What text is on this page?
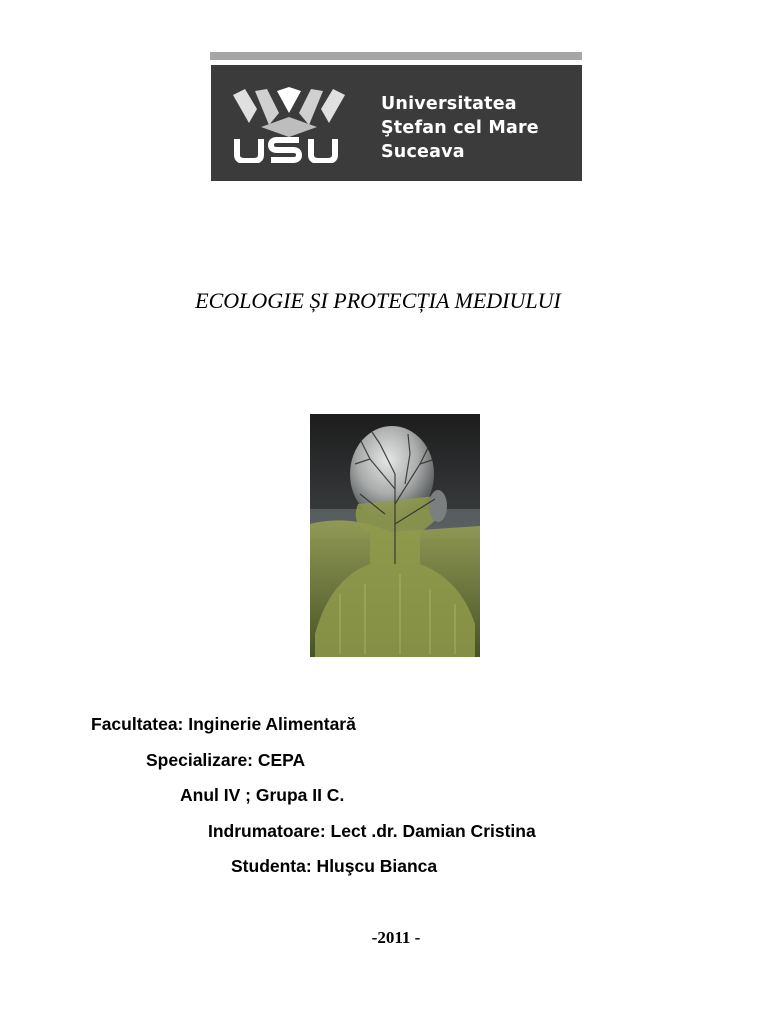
Universitatea
Ştefan cel Mare
Suceava
ECOLOGIE ȘI PROTECȚIA MEDIULUI
Facultatea: Inginerie Alimentară
Specializare: CEPA
Anul IV ; Grupa II C.
Indrumatoare: Lect .dr. Damian Cristina
Studenta: Hluşcu Bianca
-2011 -
